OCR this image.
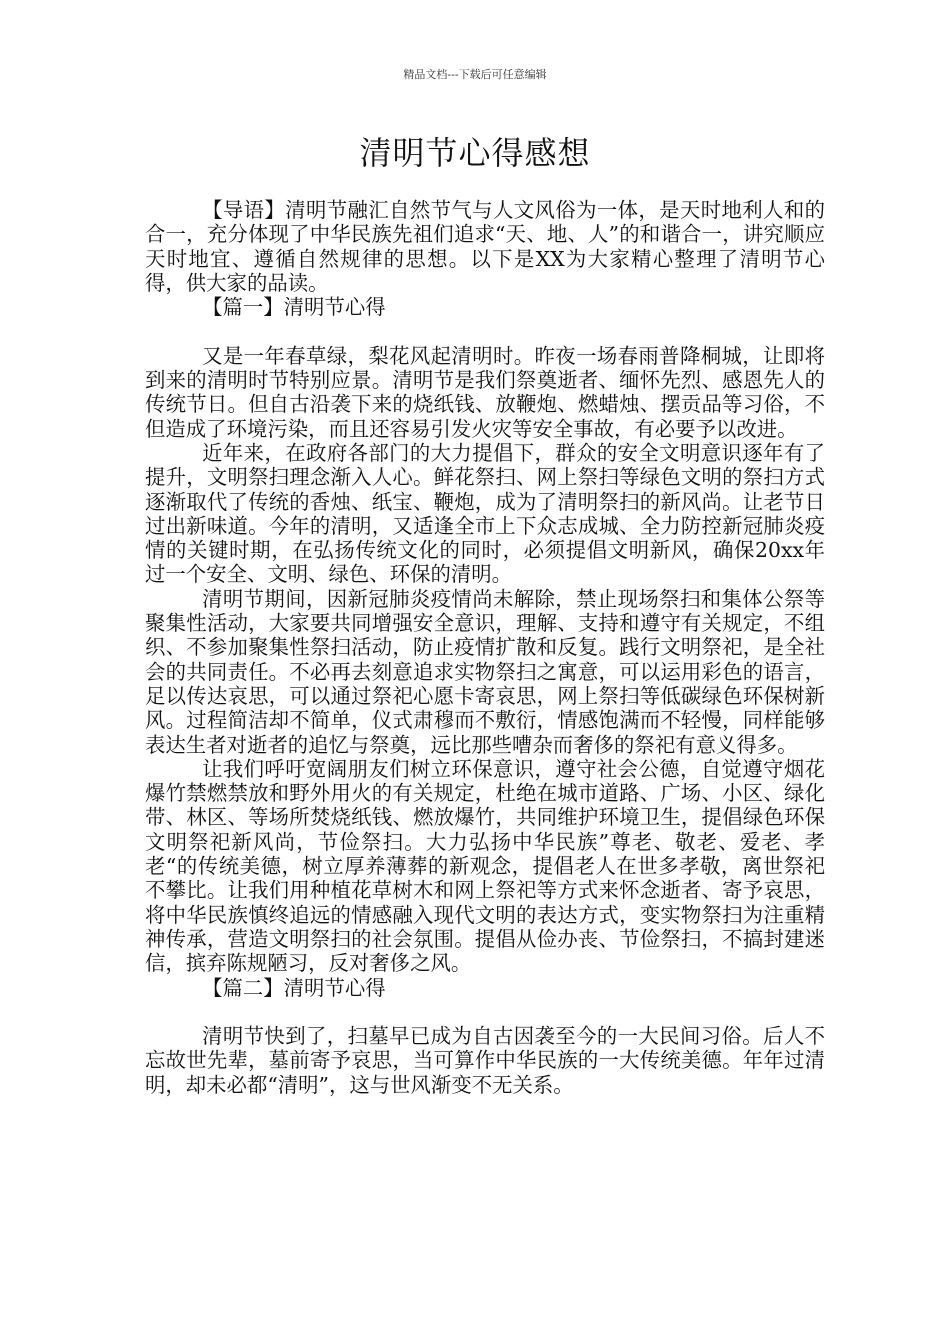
精品文档---下载后可任意编辑
清明节心得感想

【导语】清明节融汇自然节气与人文风俗为一体，是天时地利人和的合一，充分体现了中华民族先祖们追求“天、地、人”的和谐合一，讲究顺应天时地宜、遵循自然规律的思想。以下是XX为大家精心整理了清明节心得，供大家的品读。

【篇一】清明节心得

又是一年春草绿，梨花风起清明时。昨夜一场春雨普降桐城，让即将到来的清明时节特别应景。清明节是我们祭奠逝者、缅怀先烈、感恩先人的传统节日。但自古沿袭下来的烧纸钱、放鞭炮、燃蜡烛、摆贡品等习俗，不但造成了环境污染，而且还容易引发火灾等安全事故，有必要予以改进。

近年来，在政府各部门的大力提倡下，群众的安全文明意识逐年有了提升，文明祭扫理念渐入人心。鲜花祭扫、网上祭扫等绿色文明的祭扫方式逐渐取代了传统的香烛、纸宝、鞭炮，成为了清明祭扫的新风尚。让老节日过出新味道。今年的清明，又适逢全市上下众志成城、全力防控新冠肺炎疫情的关键时期，在弘扬传统文化的同时，必须提倡文明新风，确保20xx年过一个安全、文明、绿色、环保的清明。

清明节期间，因新冠肺炎疫情尚未解除，禁止现场祭扫和集体公祭等聚集性活动，大家要共同增强安全意识，理解、支持和遵守有关规定，不组织、不参加聚集性祭扫活动，防止疫情扩散和反复。践行文明祭祀，是全社会的共同责任。不必再去刻意追求实物祭扫之寓意，可以运用彩色的语言，足以传达哀思，可以通过祭祀心愿卡寄哀思，网上祭扫等低碳绿色环保树新风。过程简洁却不简单，仪式肃穆而不敷衍，情感饱满而不轻慢，同样能够表达生者对逝者的追忆与祭奠，远比那些嘈杂而奢侈的祭祀有意义得多。

让我们呼吁宽阔朋友们树立环保意识，遵守社会公德，自觉遵守烟花爆竹禁燃禁放和野外用火的有关规定，杜绝在城市道路、广场、小区、绿化带、林区、等场所焚烧纸钱、燃放爆竹，共同维护环境卫生，提倡绿色环保文明祭祀新风尚，节俭祭扫。大力弘扬中华民族”尊老、敬老、爱老、孝老“的传统美德，树立厚养薄葬的新观念，提倡老人在世多孝敬，离世祭祀不攀比。让我们用种植花草树木和网上祭祀等方式来怀念逝者、寄予哀思，将中华民族慎终追远的情感融入现代文明的表达方式，变实物祭扫为注重精神传承，营造文明祭扫的社会氛围。提倡从俭办丧、节俭祭扫，不搞封建迷信，摈弃陈规陋习，反对奢侈之风。

【篇二】清明节心得

清明节快到了，扫墓早已成为自古因袭至今的一大民间习俗。后人不忘故世先辈，墓前寄予哀思，当可算作中华民族的一大传统美德。年年过清明，却未必都“清明”，这与世风渐变不无关系。
